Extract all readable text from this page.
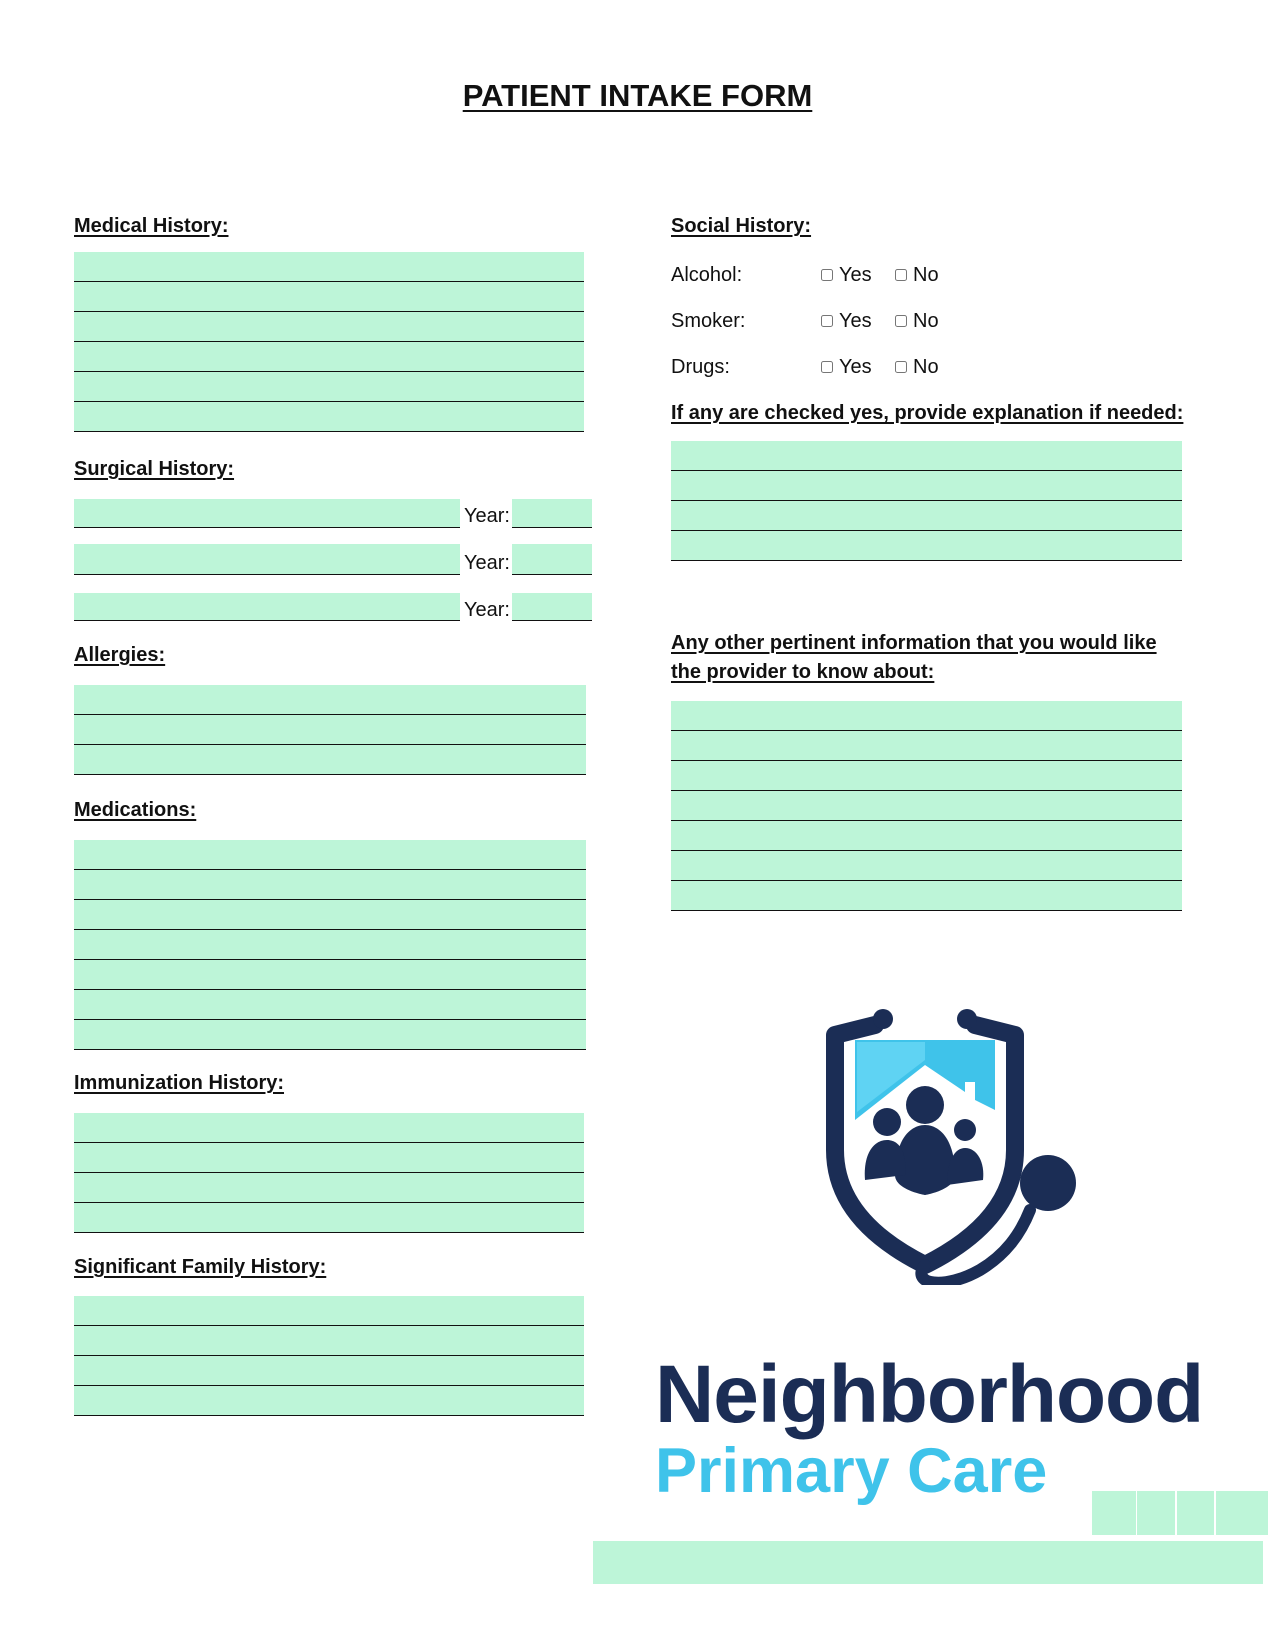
PATIENT INTAKE FORM
Medical History:
Surgical History:
Year:
Year:
Year:
Allergies:
Medications:
Immunization History:
Significant Family History:
Social History:
Alcohol:	Yes No
Smoker:	Yes No
Drugs:	Yes No
If any are checked yes, provide explanation if needed:
Any other pertinent information that you would like
the provider to know about:
Neighborhood
Primary Care
